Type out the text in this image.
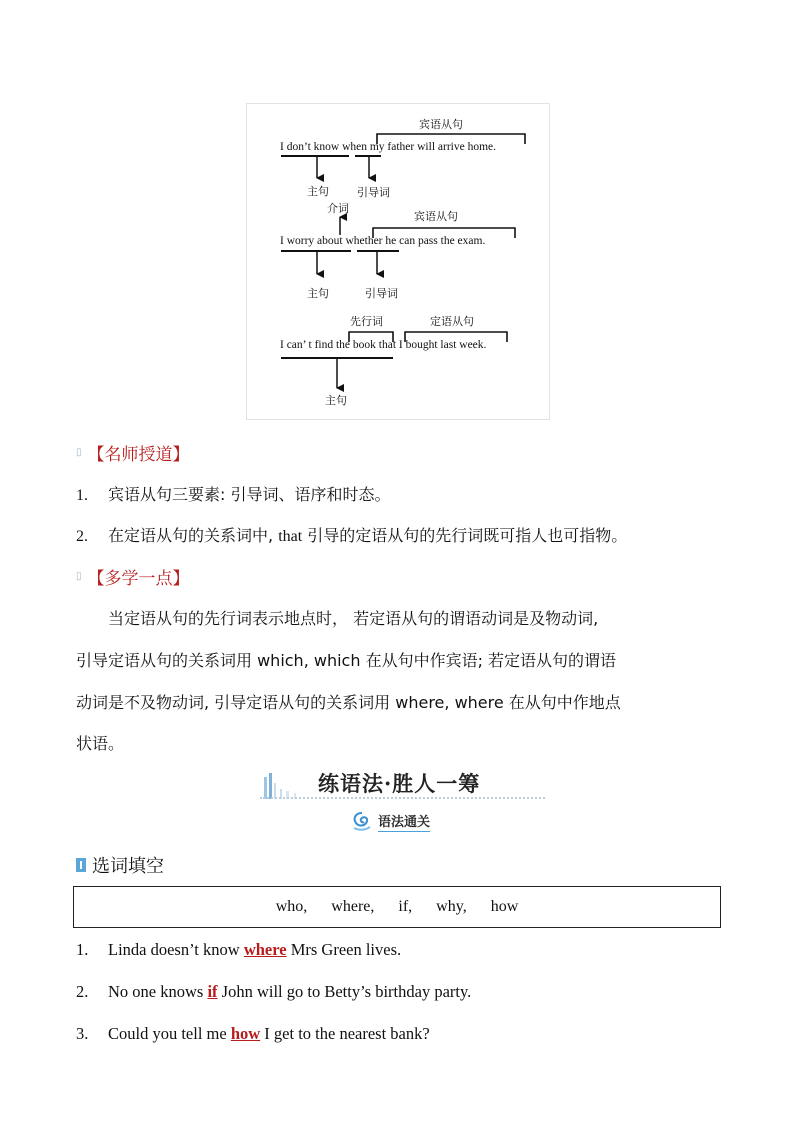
宾语从句
I don’t know when my father will arrive home.
主句	引导词
介词
宾语从句
I worry about whether he can pass the exam.
主句	引导词
先行词	定语从句
I can’ t find the book that I bought last week.
主句
▯ 【名师授道】
1. 宾语从句三要素: 引导词、语序和时态。
2. 在定语从句的关系词中, that 引导的定语从句的先行词既可指人也可指物。
▯ 【多学一点】
　　当定语从句的先行词表示地点时， 若定语从句的谓语动词是及物动词,
引导定语从句的关系词用 which, which 在从句中作宾语; 若定语从句的谓语
动词是不及物动词, 引导定语从句的关系词用 where, where 在从句中作地点
状语。
练语法·胜人一筹
语法通关
选词填空
who, where, if, why, how
1. Linda doesn’t know where Mrs Green lives.
2. No one knows if John will go to Betty’s birthday party.
3. Could you tell me how I get to the nearest bank?
